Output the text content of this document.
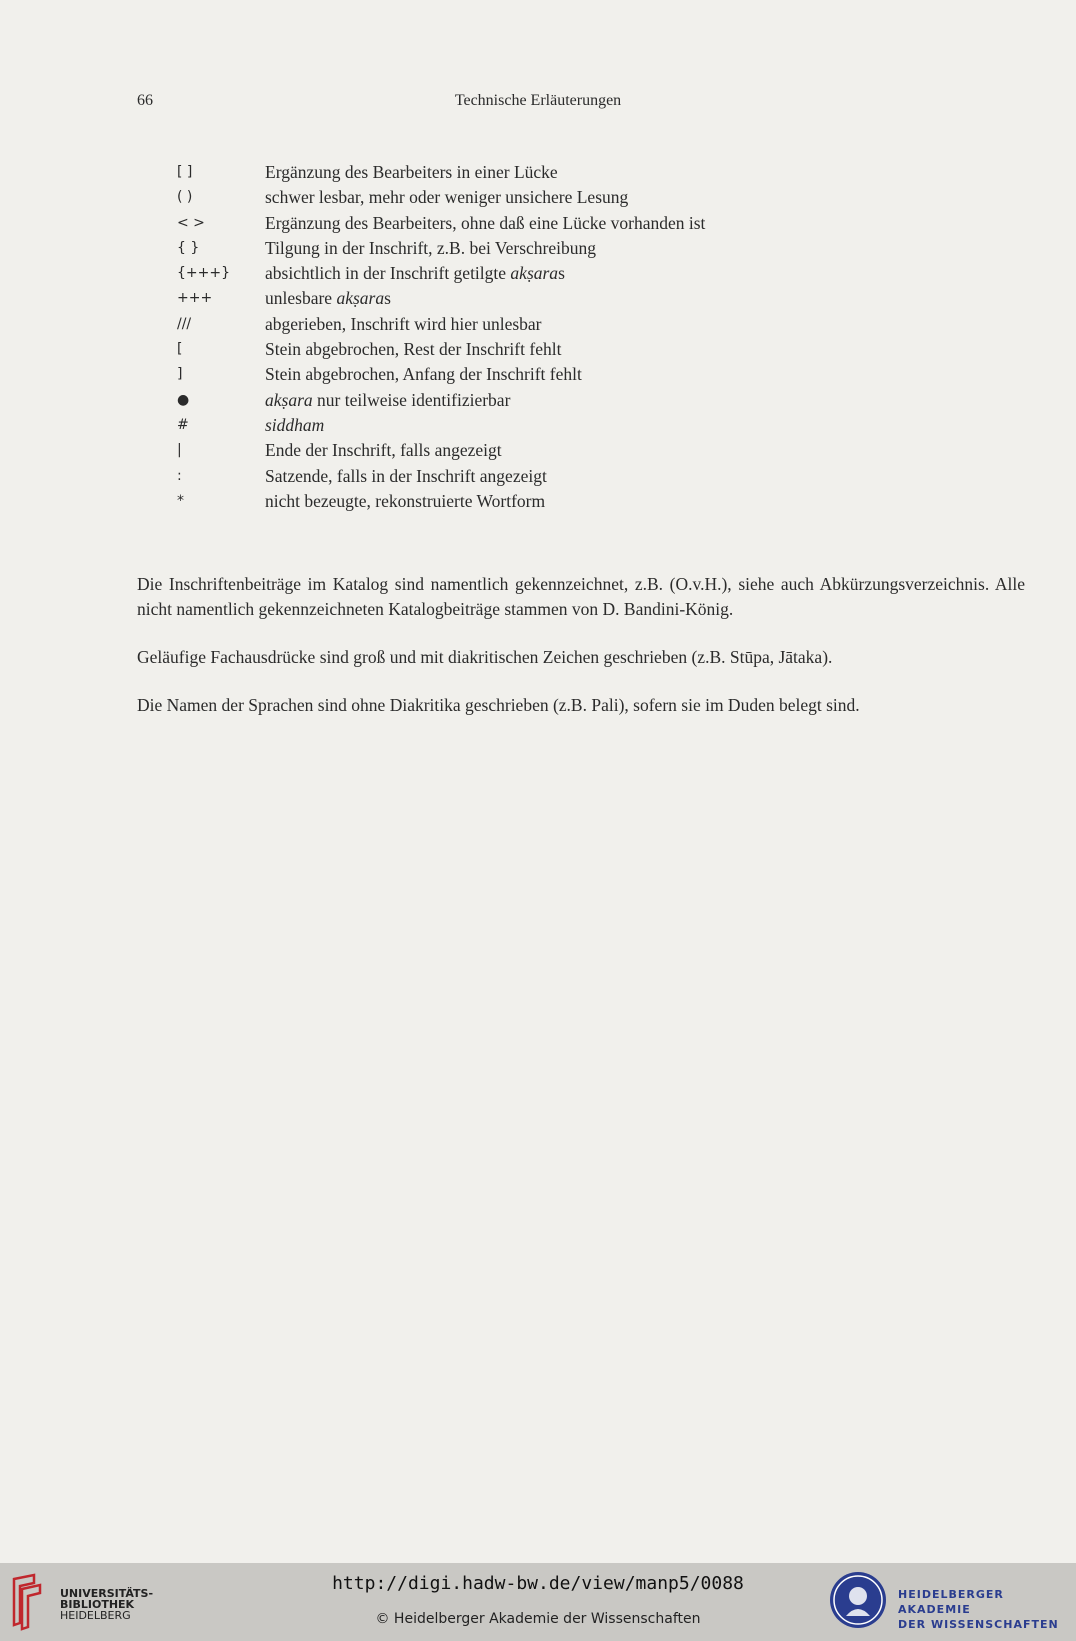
66	Technische Erläuterungen
[ ]	Ergänzung des Bearbeiters in einer Lücke
( )	schwer lesbar, mehr oder weniger unsichere Lesung
< >	Ergänzung des Bearbeiters, ohne daß eine Lücke vorhanden ist
{ }	Tilgung in der Inschrift, z.B. bei Verschreibung
{+++}	absichtlich in der Inschrift getilgte akṣaras
+++	unlesbare akṣaras
///	abgerieben, Inschrift wird hier unlesbar
[	Stein abgebrochen, Rest der Inschrift fehlt
]	Stein abgebrochen, Anfang der Inschrift fehlt
●	akṣara nur teilweise identifizierbar
#	siddham
|	Ende der Inschrift, falls angezeigt
:	Satzende, falls in der Inschrift angezeigt
*	nicht bezeugte, rekonstruierte Wortform

Die Inschriftenbeiträge im Katalog sind namentlich gekennzeichnet, z.B. (O.v.H.), siehe auch Abkürzungsverzeichnis. Alle nicht namentlich gekennzeichneten Katalogbeiträge stammen von D. Bandini-König.

Geläufige Fachausdrücke sind groß und mit diakritischen Zeichen geschrieben (z.B. Stūpa, Jātaka).

Die Namen der Sprachen sind ohne Diakritika geschrieben (z.B. Pali), sofern sie im Duden belegt sind.

UNIVERSITÄTS-
BIBLIOTHEK
HEIDELBERG
http://digi.hadw-bw.de/view/manp5/0088
© Heidelberger Akademie der Wissenschaften
HEIDELBERGER AKADEMIE
DER WISSENSCHAFTEN
